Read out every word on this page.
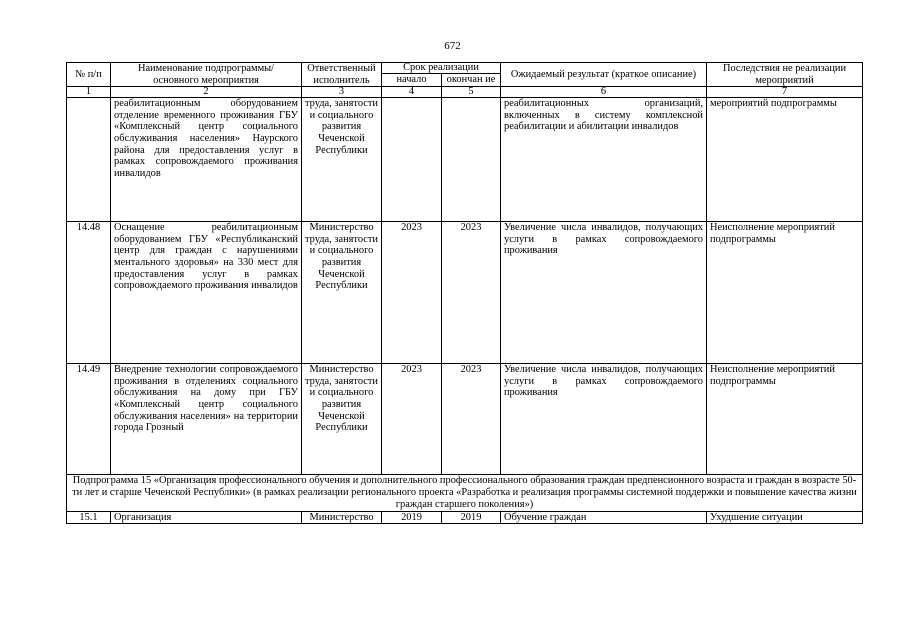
672
№ п/п	Наименование подпрограммы/ основного мероприятия	Ответственный исполнитель	Срок реализации		Ожидаемый результат (краткое описание)	Последствия не реализации мероприятий
			начало	окончан ие		
1	2	3	4	5	6	7
	реабилитационным оборудованием отделение временного проживания ГБУ «Комплексный центр социального обслуживания населения» Наурского района для предоставления услуг в рамках сопровождаемого проживания инвалидов	труда, занятости и социального развития Чеченской Республики			реабилитационных организаций, включенных в систему комплексной реабилитации и абилитации инвалидов	мероприятий подпрограммы
14.48	Оснащение реабилитационным оборудованием ГБУ «Республиканский центр для граждан с нарушениями ментального здоровья» на 330 мест для предоставления услуг в рамках сопровождаемого проживания инвалидов	Министерство труда, занятости и социального развития Чеченской Республики	2023	2023	Увеличение числа инвалидов, получающих услуги в рамках сопровождаемого проживания	Неисполнение мероприятий подпрограммы
14.49	Внедрение технологии сопровождаемого проживания в отделениях социального обслуживания на дому при ГБУ «Комплексный центр социального обслуживания населения» на территории города Грозный	Министерство труда, занятости и социального развития Чеченской Республики	2023	2023	Увеличение числа инвалидов, получающих услуги в рамках сопровождаемого проживания	Неисполнение мероприятий подпрограммы
Подпрограмма 15 «Организация профессионального обучения и дополнительного профессионального образования граждан предпенсионного возраста и граждан в возрасте 50-ти лет и старше Чеченской Республики» (в рамках реализации регионального проекта «Разработка и реализация программы системной поддержки и повышение качества жизни граждан старшего поколения»)						
15.1	Организация	Министерство	2019	2019	Обучение граждан	Ухудшение ситуации
